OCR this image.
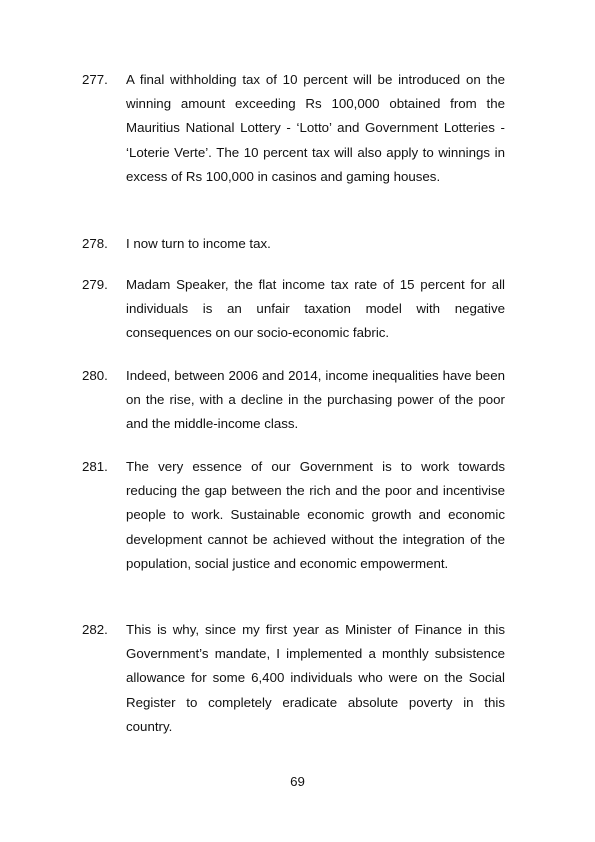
277.	A final withholding tax of 10 percent will be introduced on the winning amount exceeding Rs 100,000 obtained from the Mauritius National Lottery - ‘Lotto’ and Government Lotteries - ‘Loterie Verte’. The 10 percent tax will also apply to winnings in excess of Rs 100,000 in casinos and gaming houses.
278.	I now turn to income tax.
279.	Madam Speaker, the flat income tax rate of 15 percent for all individuals is an unfair taxation model with negative consequences on our socio-economic fabric.
280.	Indeed, between 2006 and 2014, income inequalities have been on the rise, with a decline in the purchasing power of the poor and the middle-income class.
281.	The very essence of our Government is to work towards reducing the gap between the rich and the poor and incentivise people to work. Sustainable economic growth and economic development cannot be achieved without the integration of the population, social justice and economic empowerment.
282.	This is why, since my first year as Minister of Finance in this Government’s mandate, I implemented a monthly subsistence allowance for some 6,400 individuals who were on the Social Register to completely eradicate absolute poverty in this country.
69
